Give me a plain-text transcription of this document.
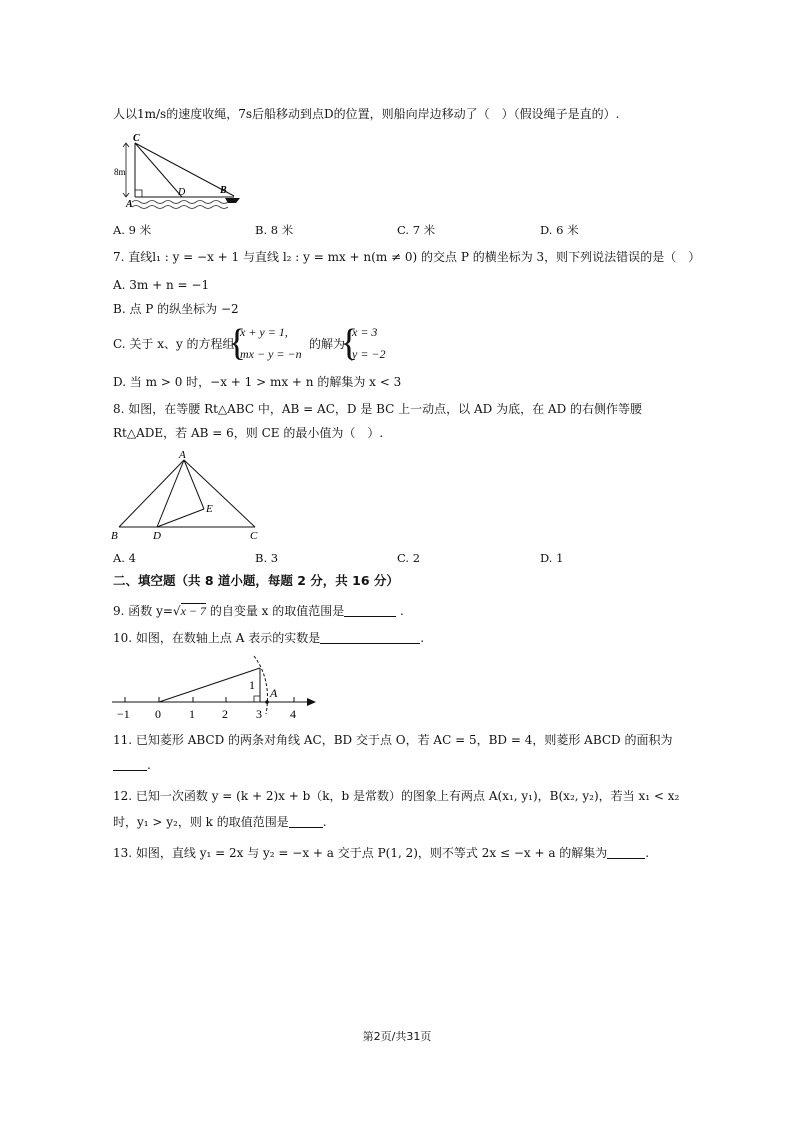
人以1m/s的速度收绳，7s后船移动到点D的位置，则船向岸边移动了（　）（假设绳子是直的）.
C
8m
A
D	B
A. 9 米	B. 8 米	C. 7 米	D. 6 米
7. 直线l₁ : y = −x + 1 与直线 l₂ : y = mx + n(m ≠ 0) 的交点 P 的横坐标为 3，则下列说法错误的是（　）
A. 3m + n = −1
B. 点 P 的纵坐标为 −2
C. 关于 x、y 的方程组
{
x + y = 1,
mx − y = −n
的解为
{
x = 3
y = −2
D. 当 m > 0 时，−x + 1 > mx + n 的解集为 x < 3
8. 如图，在等腰 Rt△ABC 中，AB = AC，D 是 BC 上一动点，以 AD 为底，在 AD 的右侧作等腰
Rt△ADE，若 AB = 6，则 CE 的最小值为（　）.
A
B	D	C
E
A. 4	B. 3	C. 2	D. 1
二、填空题（共 8 道小题，每题 2 分，共 16 分）
9. 函数 y=√x − 7 的自变量 x 的取值范围是	.
10. 如图，在数轴上点 A 表示的实数是	.
−1 0 1 2 3 4
1
A
11. 已知菱形 ABCD 的两条对角线 AC，BD 交于点 O，若 AC = 5，BD = 4，则菱形 ABCD 的面积为
.
12. 已知一次函数 y = (k + 2)x + b（k，b 是常数）的图象上有两点 A(x₁, y₁)，B(x₂, y₂)，若当 x₁ < x₂
时，y₁ > y₂，则 k 的取值范围是	.
13. 如图，直线 y₁ = 2x 与 y₂ = −x + a 交于点 P(1, 2)，则不等式 2x ≤ −x + a 的解集为	.
第2页/共31页
